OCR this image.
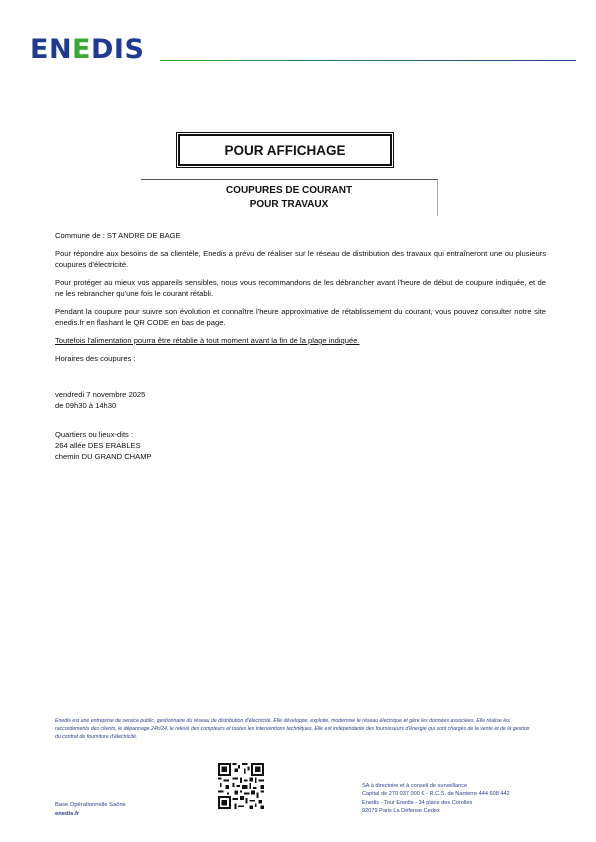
ENEDIS
POUR AFFICHAGE
COUPURES DE COURANT
POUR TRAVAUX

Commune de : ST ANDRE DE BAGE

Pour répondre aux besoins de sa clientèle, Enedis a prévu de réaliser sur le réseau de distribution des travaux qui entraîneront une ou plusieurs coupures d'électricité.

Pour protéger au mieux vos appareils sensibles, nous vous recommandons de les débrancher avant l'heure de début de coupure indiquée, et de ne les rebrancher qu'une fois le courant rétabli.

Pendant la coupure pour suivre son évolution et connaître l'heure approximative de rétablissement du courant, vous pouvez consulter notre site enedis.fr en flashant le QR CODE en bas de page.

Toutefois l'alimentation pourra être rétablie à tout moment avant la fin de la plage indiquée.

Horaires des coupures :

vendredi 7 novembre 2025
de 09h30 à 14h30
Quartiers ou lieux-dits :
264 allée DES ERABLES
chemin DU GRAND CHAMP
Enedis est une entreprise de service public, gestionnaire du réseau de distribution d'électricité. Elle développe, exploite, modernise le réseau électrique et gère les données associées. Elle réalise les raccordements des clients, le dépannage 24h/24, le relevé des compteurs et toutes les interventions techniques. Elle est indépendante des fournisseurs d'énergie qui sont chargés de la vente et de la gestion du contrat de fourniture d'électricité.
Base Opérationnelle Saône
enedis.fr
SA à directoire et à conseil de surveillance
Capital de 270 037 000 € - R.C.S. de Nanterre 444 608 442
Enedis - Tour Enedis - 34 place des Corolles
92079 Paris La Défense Cedex
